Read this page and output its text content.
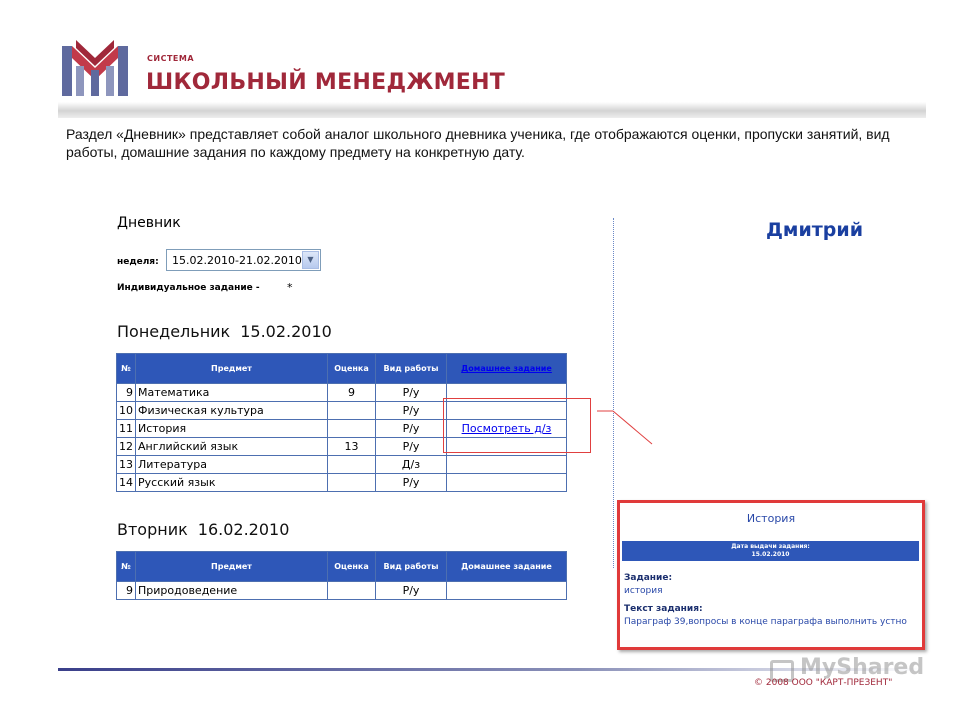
СИСТЕМА
ШКОЛЬНЫЙ МЕНЕДЖМЕНТ
Раздел «Дневник» представляет собой аналог школьного дневника ученика, где отображаются оценки, пропуски занятий, вид работы, домашние задания по каждому предмету на конкретную дату.
Дневник
неделя: 15.02.2010-21.02.2010 ▼
Индивидуальное задание - *
Понедельник 15.02.2010
№	Предмет	Оценка	Вид работы	Домашнее задание
9	Математика	9	Р/у	
10	Физическая культура		Р/у	
11	История		Р/у	Посмотреть д/з
12	Английский язык	13	Р/у	
13	Литература		Д/з	
14	Русский язык		Р/у	
Вторник 16.02.2010
№	Предмет	Оценка	Вид работы	Домашнее задание
9	Природоведение		Р/у	
Дмитрий
История
Дата выдачи задания:
15.02.2010
Задание:
история
Текст задания:
Параграф 39,вопросы в конце параграфа выполнить устно
MyShared
© 2008 ООО "КАРТ-ПРЕЗЕНТ"
